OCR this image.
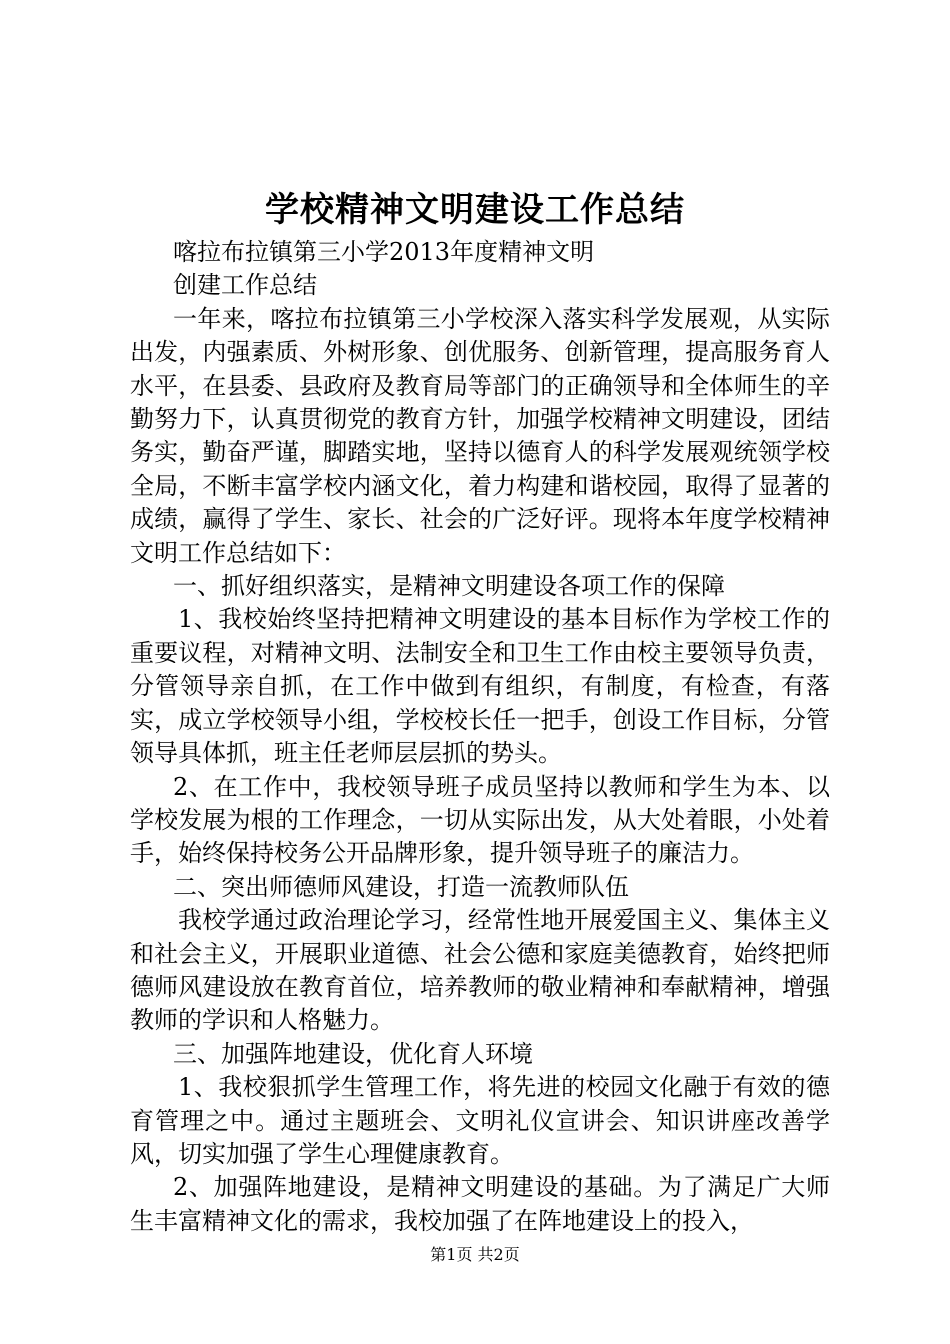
学校精神文明建设工作总结

喀拉布拉镇第三小学2013年度精神文明

创建工作总结

一年来，喀拉布拉镇第三小学校深入落实科学发展观，从实际出发，内强素质、外树形象、创优服务、创新管理，提高服务育人水平，在县委、县政府及教育局等部门的正确领导和全体师生的辛勤努力下，认真贯彻党的教育方针，加强学校精神文明建设，团结务实，勤奋严谨，脚踏实地，坚持以德育人的科学发展观统领学校全局，不断丰富学校内涵文化，着力构建和谐校园，取得了显著的成绩，赢得了学生、家长、社会的广泛好评。现将本年度学校精神文明工作总结如下：

一、抓好组织落实，是精神文明建设各项工作的保障

1、我校始终坚持把精神文明建设的基本目标作为学校工作的重要议程，对精神文明、法制安全和卫生工作由校主要领导负责，分管领导亲自抓，在工作中做到有组织，有制度，有检查，有落实，成立学校领导小组，学校校长任一把手，创设工作目标，分管领导具体抓，班主任老师层层抓的势头。

2、在工作中，我校领导班子成员坚持以教师和学生为本、以学校发展为根的工作理念，一切从实际出发，从大处着眼，小处着手，始终保持校务公开品牌形象，提升领导班子的廉洁力。

二、突出师德师风建设，打造一流教师队伍

我校学通过政治理论学习，经常性地开展爱国主义、集体主义和社会主义，开展职业道德、社会公德和家庭美德教育，始终把师德师风建设放在教育首位，培养教师的敬业精神和奉献精神，增强教师的学识和人格魅力。

三、加强阵地建设，优化育人环境

1、我校狠抓学生管理工作，将先进的校园文化融于有效的德育管理之中。通过主题班会、文明礼仪宣讲会、知识讲座改善学风，切实加强了学生心理健康教育。

2、加强阵地建设，是精神文明建设的基础。为了满足广大师生丰富精神文化的需求，我校加强了在阵地建设上的投入，

第1页 共2页
